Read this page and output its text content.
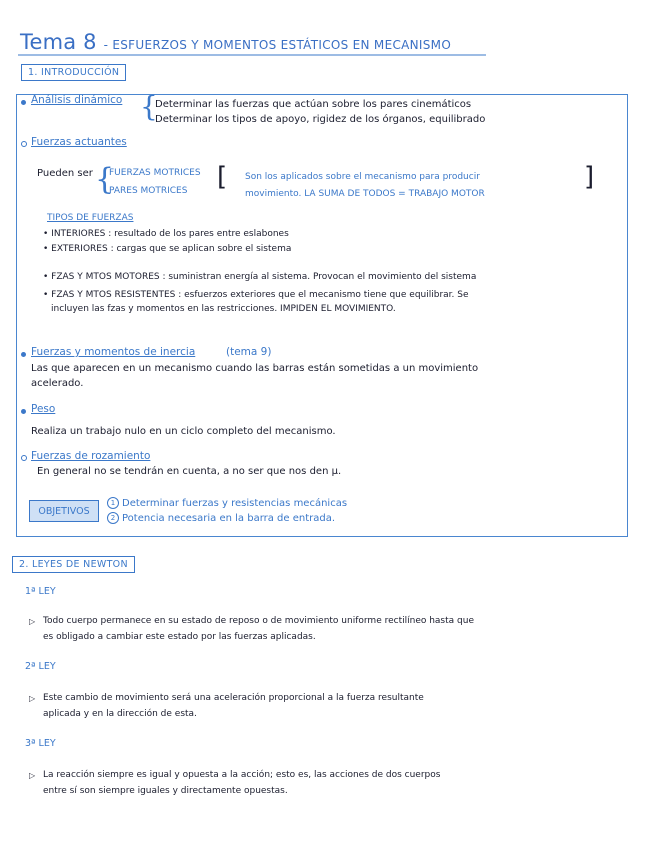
Tema 8 - ESFUERZOS Y MOMENTOS ESTÁTICOS EN MECANISMO
1. INTRODUCCIÓN
Análisis dinámico {
Determinar las fuerzas que actúan sobre los pares cinemáticos
Determinar los tipos de apoyo, rigidez de los órganos, equilibrado
Fuerzas actuantes
Pueden ser {
FUERZAS MOTRICES
PARES MOTRICES [ Son los aplicados sobre el mecanismo para producir
movimiento. LA SUMA DE TODOS = TRABAJO MOTOR
]
TIPOS DE FUERZAS
• INTERIORES : resultado de los pares entre eslabones
• EXTERIORES : cargas que se aplican sobre el sistema
• FZAS Y MTOS MOTORES : suministran energía al sistema. Provocan el movimiento del sistema
• FZAS Y MTOS RESISTENTES : esfuerzos exteriores que el mecanismo tiene que equilibrar. Se
incluyen las fzas y momentos en las restricciones. IMPIDEN EL MOVIMIENTO.
Fuerzas y momentos de inercia	(tema 9)
Las que aparecen en un mecanismo cuando las barras están sometidas a un movimiento
acelerado.
Peso
Realiza un trabajo nulo en un ciclo completo del mecanismo.
Fuerzas de rozamiento
En general no se tendrán en cuenta, a no ser que nos den μ.
OBJETIVOS
1 Determinar fuerzas y resistencias mecánicas
2 Potencia necesaria en la barra de entrada.
2. LEYES DE NEWTON
1ª LEY
▷ Todo cuerpo permanece en su estado de reposo o de movimiento uniforme rectilíneo hasta que
es obligado a cambiar este estado por las fuerzas aplicadas.
2ª LEY
▷ Este cambio de movimiento será una aceleración proporcional a la fuerza resultante
aplicada y en la dirección de esta.
3ª LEY
▷ La reacción siempre es igual y opuesta a la acción; esto es, las acciones de dos cuerpos
entre sí son siempre iguales y directamente opuestas.
